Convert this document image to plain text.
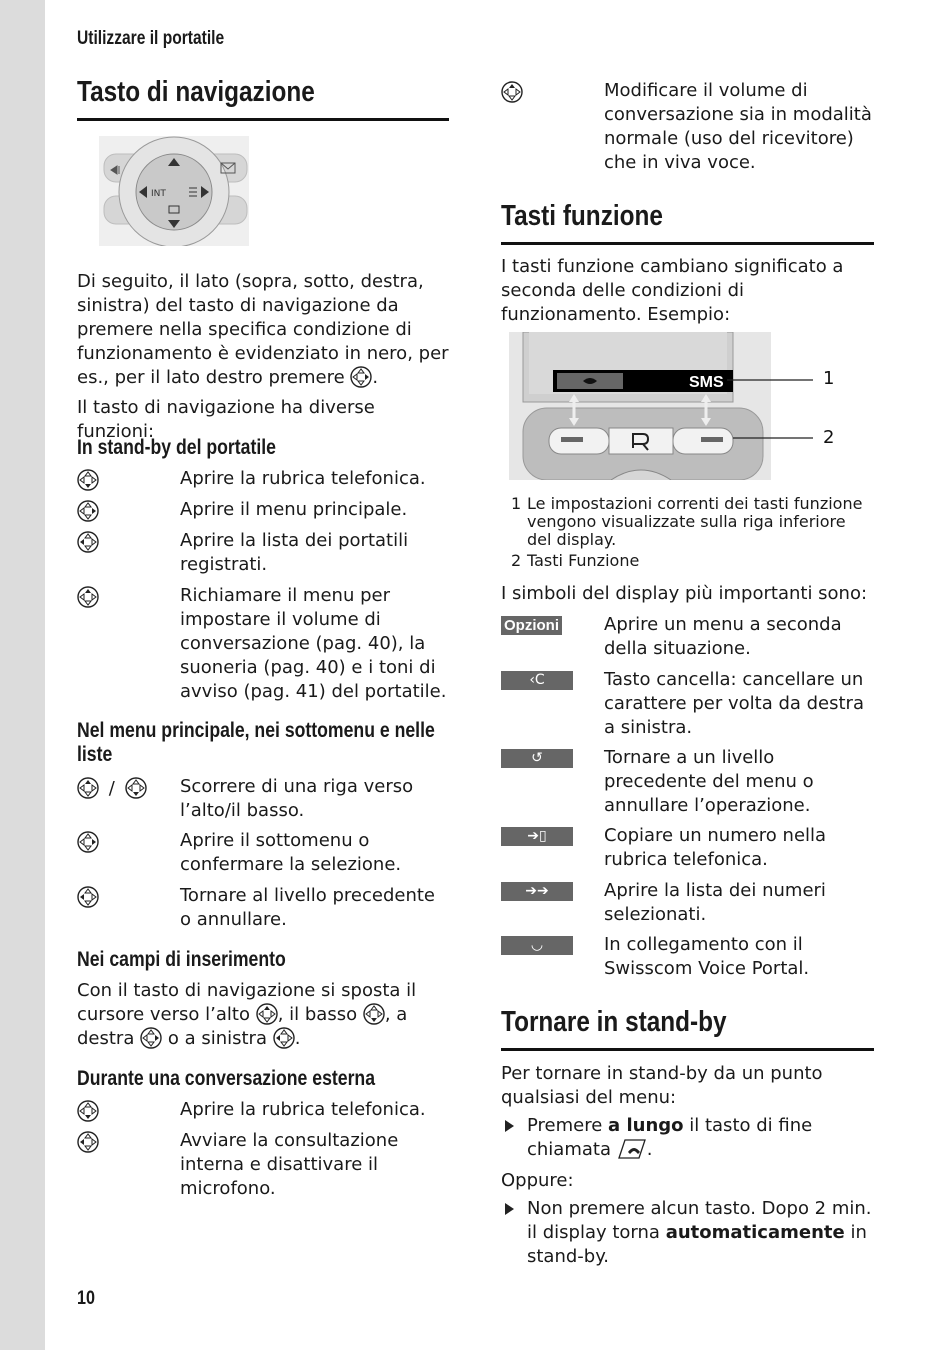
Utilizzare il portatile
Tasto di navigazione
INT
Di seguito, il lato (sopra, sotto, destra, sinistra) del tasto di navigazione da premere nella specifica condizione di funzionamento è evidenziato in nero, per es., per il lato destro premere .
Il tasto di navigazione ha diverse funzioni:
In stand-by del portatile
Aprire la rubrica telefonica.
Aprire il menu principale.
Aprire la lista dei portatili registrati.
Richiamare il menu per impostare il volume di conversazione (pag. 40), la suoneria (pag. 40) e i toni di avviso (pag. 41) del portatile.
Nel menu principale, nei sottomenu e nelle liste
/	Scorrere di una riga verso l’alto/il basso.
Aprire il sottomenu o confermare la selezione.
Tornare al livello precedente o annullare.
Nei campi di inserimento
Con il tasto di navigazione si sposta il cursore verso l’alto , il basso , a destra o a sinistra .
Durante una conversazione esterna
Aprire la rubrica telefonica.
Avviare la consultazione interna e disattivare il microfono.
Modificare il volume di conversazione sia in modalità normale (uso del ricevitore) che in viva voce.
Tasti funzione
I tasti funzione cambiano significato a seconda delle condizioni di funzionamento. Esempio:
SMS	1
2
1 Le impostazioni correnti dei tasti funzione vengono visualizzate sulla riga inferiore del display.
2 Tasti Funzione
I simboli del display più importanti sono:
Opzioni	Aprire un menu a seconda della situazione.
‹C	Tasto cancella: cancellare un carattere per volta da destra a sinistra.
↺	Tornare a un livello precedente del menu o annullare l’operazione.
➔▯	Copiare un numero nella rubrica telefonica.
➔➔	Aprire la lista dei numeri selezionati.
◡	In collegamento con il Swisscom Voice Portal.
Tornare in stand-by
Per tornare in stand-by da un punto qualsiasi del menu:
Premere a lungo il tasto di fine chiamata .
Oppure:
Non premere alcun tasto. Dopo 2 min. il display torna automaticamente in stand-by.
10
